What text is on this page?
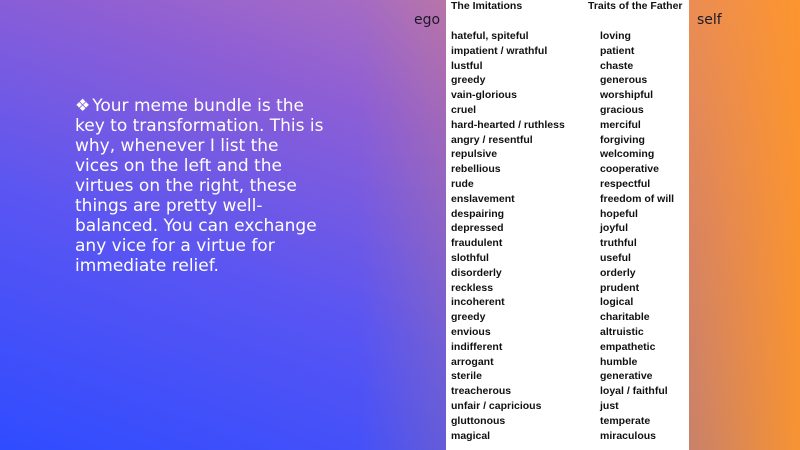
❖ Your meme bundle is the key to transformation. This is why, whenever I list the vices on the left and the virtues on the right, these things are pretty well-balanced. You can exchange any vice for a virtue for immediate relief.
ego	self
The Imitations	Traits of the Father
hateful, spiteful	loving
impatient / wrathful	patient
lustful	chaste
greedy	generous
vain-glorious	worshipful
cruel	gracious
hard-hearted / ruthless	merciful
angry / resentful	forgiving
repulsive	welcoming
rebellious	cooperative
rude	respectful
enslavement	freedom of will
despairing	hopeful
depressed	joyful
fraudulent	truthful
slothful	useful
disorderly	orderly
reckless	prudent
incoherent	logical
greedy	charitable
envious	altruistic
indifferent	empathetic
arrogant	humble
sterile	generative
treacherous	loyal / faithful
unfair / capricious	just
gluttonous	temperate
magical	miraculous
